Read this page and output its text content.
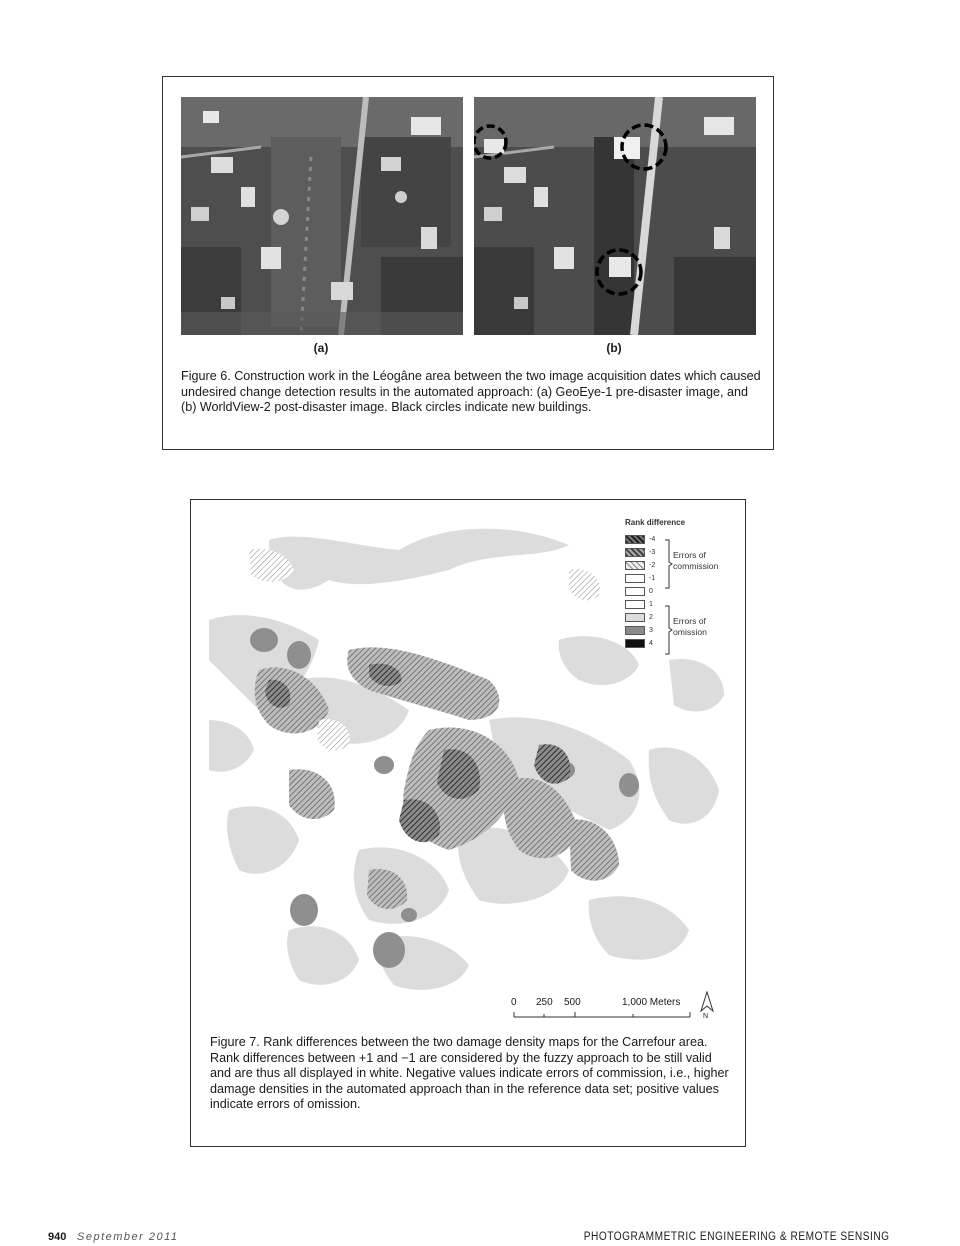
(a)	(b)
Figure 6. Construction work in the Léogâne area between the two image acquisition dates which caused undesired change detection results in the automated approach: (a) GeoEye-1 pre-disaster image, and (b) WorldView-2 post-disaster image. Black circles indicate new buildings.
Rank difference
-4
-3
-2
-1
0
1
2
3
4
Errors of
commission
Errors of
omission
0 250 500	1,000 Meters
N
Figure 7. Rank differences between the two damage density maps for the Carrefour area. Rank differences between +1 and −1 are considered by the fuzzy approach to be still valid and are thus all displayed in white. Negative values indicate errors of commission, i.e., higher damage densities in the automated approach than in the reference data set; positive values indicate errors of omission.
940 September 2011	PHOTOGRAMMETRIC ENGINEERING & REMOTE SENSING
